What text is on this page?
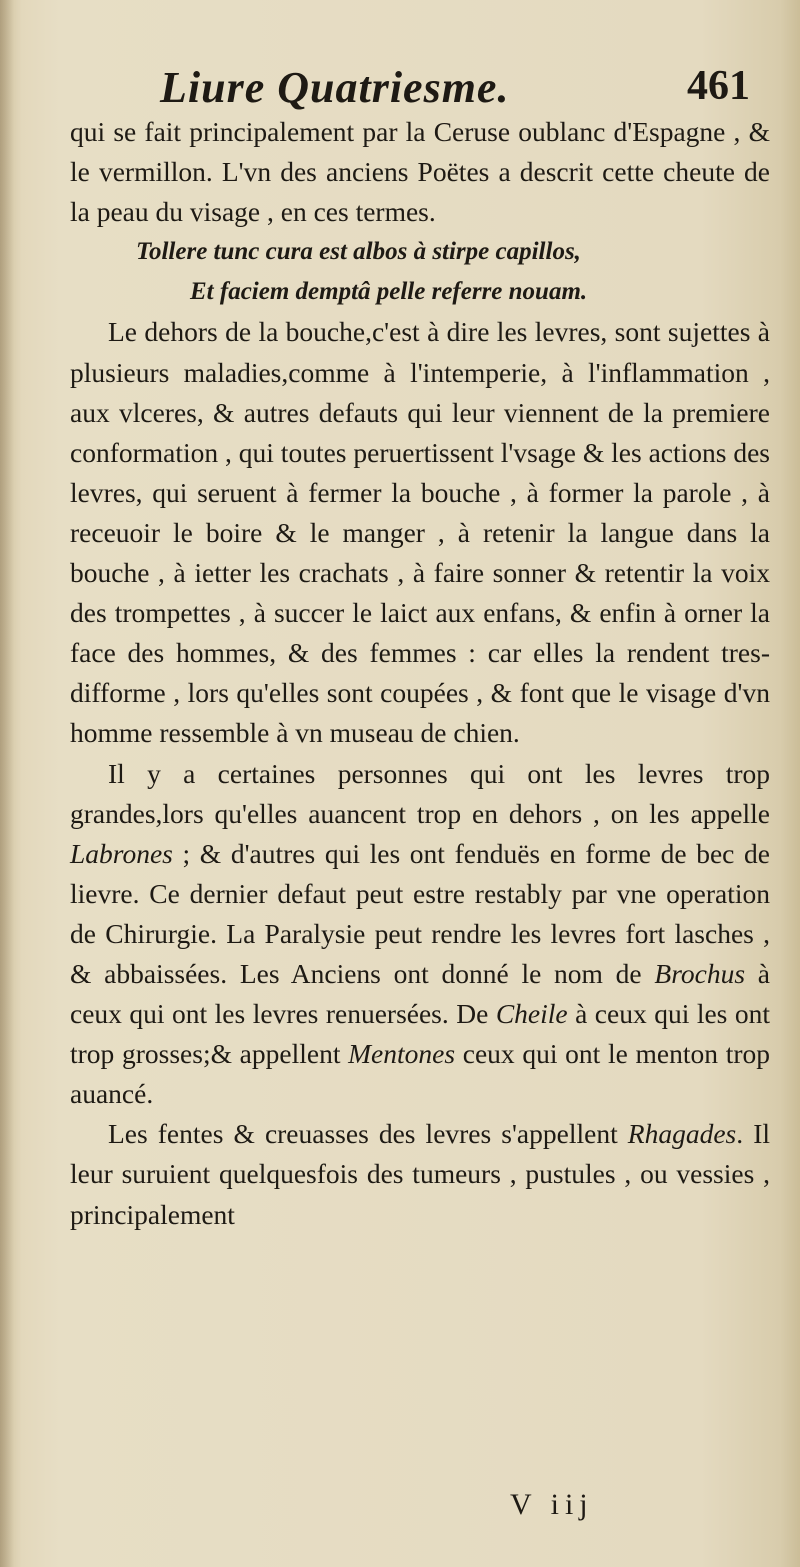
Liure Quatriesme.	461

qui se fait principalement par la Ceruse oublanc d'Espagne , & le vermillon. L'vn des anciens Poëtes a descrit cette cheute de la peau du visage , en ces termes.

Tollere tunc cura est albos à stirpe capillos,
Et faciem demptâ pelle referre nouam.

Le dehors de la bouche,c'est à dire les levres, sont sujettes à plusieurs maladies,comme à l'intemperie, à l'inflammation , aux vlceres, & autres defauts qui leur viennent de la premiere conformation , qui toutes peruertissent l'vsage & les actions des levres, qui seruent à fermer la bouche , à former la parole , à receuoir le boire & le manger , à retenir la langue dans la bouche , à ietter les crachats , à faire sonner & retentir la voix des trompettes , à succer le laict aux enfans, & enfin à orner la face des hommes, & des femmes : car elles la rendent tres-difforme , lors qu'elles sont coupées , & font que le visage d'vn homme ressemble à vn museau de chien.

Il y a certaines personnes qui ont les levres trop grandes,lors qu'elles auancent trop en dehors , on les appelle Labrones ; & d'autres qui les ont fenduës en forme de bec de lievre. Ce dernier defaut peut estre restably par vne operation de Chirurgie. La Paralysie peut rendre les levres fort lasches , & abbaissées. Les Anciens ont donné le nom de Brochus à ceux qui ont les levres renuersées. De Cheile à ceux qui les ont trop grosses;& appellent Mentones ceux qui ont le menton trop auancé.

Les fentes & creuasses des levres s'appellent Rhagades. Il leur suruient quelquesfois des tumeurs , pustules , ou vessies , principalement

V iij
